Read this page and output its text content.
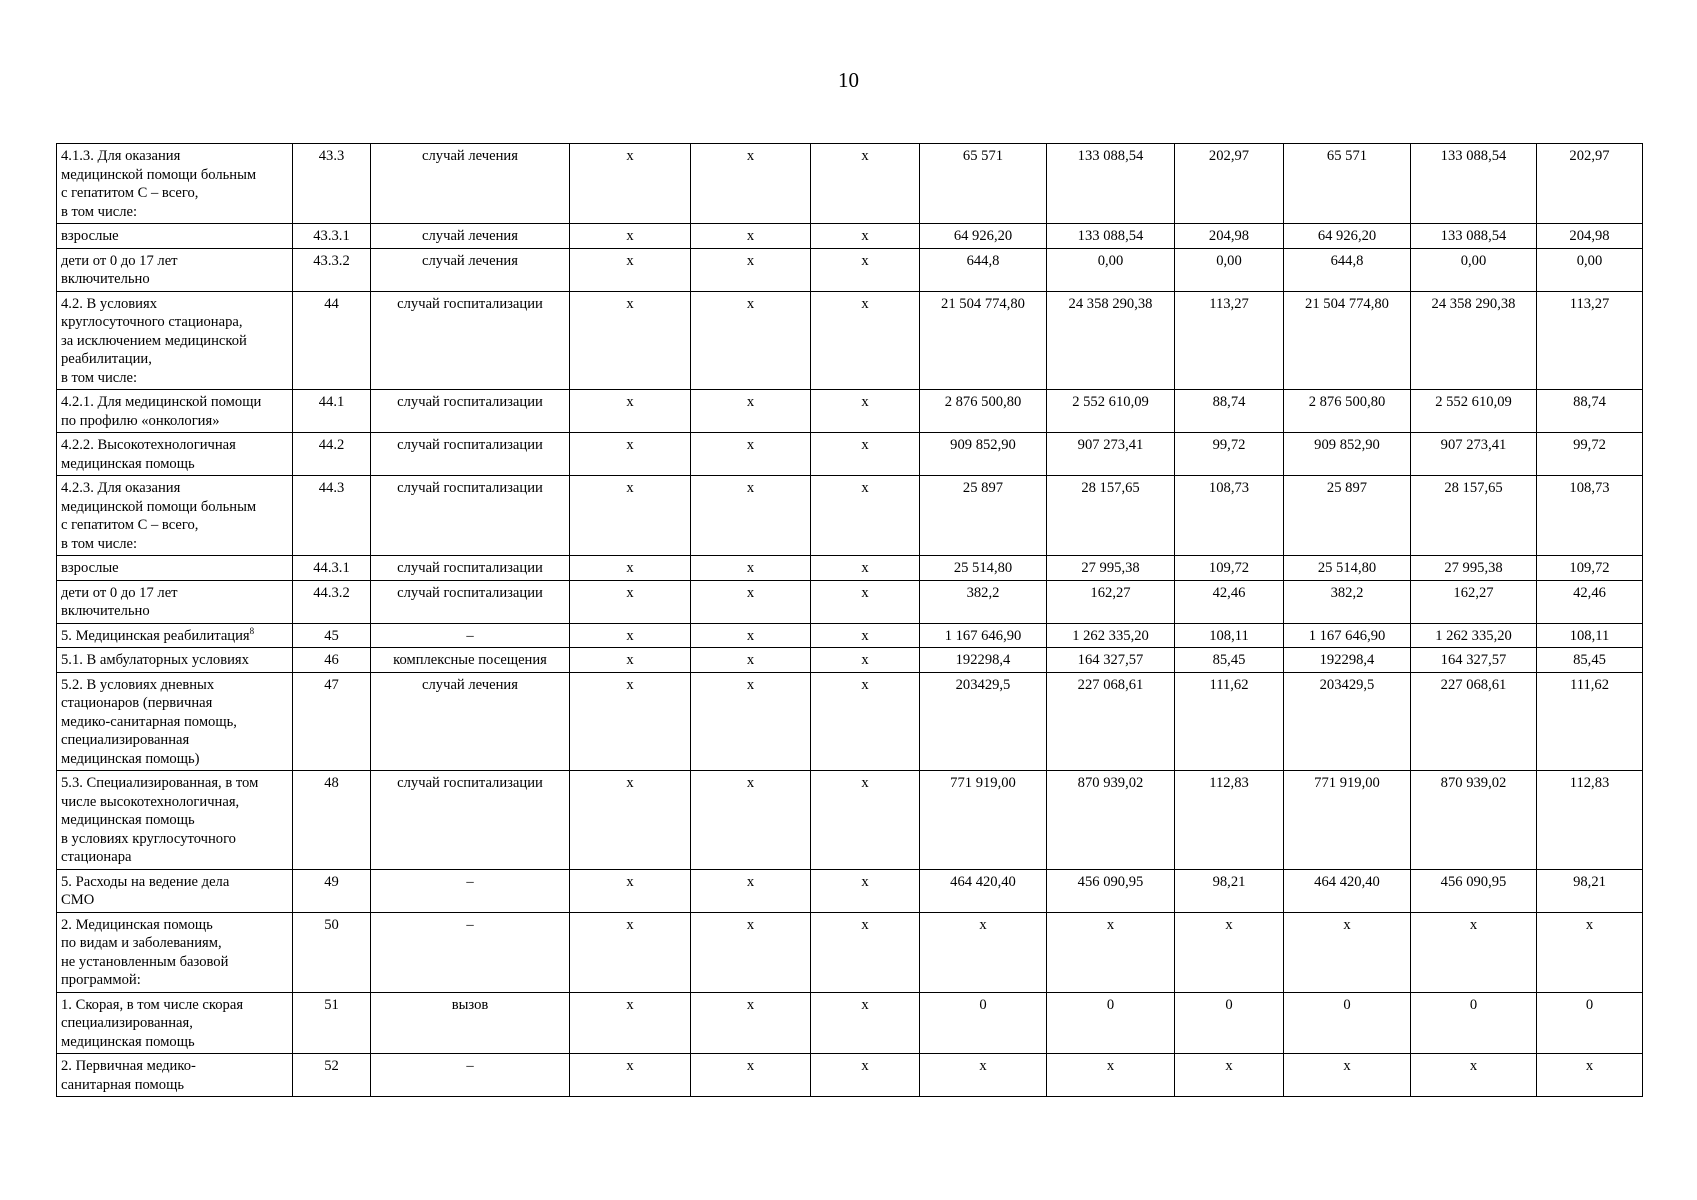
10
4.1.3. Для оказания
медицинской помощи больным
с гепатитом С – всего,
в том числе:	43.3	случай лечения	х	х	х	65 571	133 088,54	202,97	65 571	133 088,54	202,97
взрослые	43.3.1	случай лечения	х	х	х	64 926,20	133 088,54	204,98	64 926,20	133 088,54	204,98
дети от 0 до 17 лет
включительно	43.3.2	случай лечения	х	х	х	644,8	0,00	0,00	644,8	0,00	0,00
4.2. В условиях
круглосуточного стационара,
за исключением медицинской
реабилитации,
в том числе:	44	случай госпитализации	х	х	х	21 504 774,80	24 358 290,38	113,27	21 504 774,80	24 358 290,38	113,27
4.2.1. Для медицинской помощи
по профилю «онкология»	44.1	случай госпитализации	х	х	х	2 876 500,80	2 552 610,09	88,74	2 876 500,80	2 552 610,09	88,74
4.2.2. Высокотехнологичная
медицинская помощь	44.2	случай госпитализации	х	х	х	909 852,90	907 273,41	99,72	909 852,90	907 273,41	99,72
4.2.3. Для оказания
медицинской помощи больным
с гепатитом С – всего,
в том числе:	44.3	случай госпитализации	х	х	х	25 897	28 157,65	108,73	25 897	28 157,65	108,73
взрослые	44.3.1	случай госпитализации	х	х	х	25 514,80	27 995,38	109,72	25 514,80	27 995,38	109,72
дети от 0 до 17 лет
включительно	44.3.2	случай госпитализации	х	х	х	382,2	162,27	42,46	382,2	162,27	42,46
5. Медицинская реабилитация$^8$	45	–	х	х	х	1 167 646,90	1 262 335,20	108,11	1 167 646,90	1 262 335,20	108,11
5.1. В амбулаторных условиях	46	комплексные посещения	х	х	х	192298,4	164 327,57	85,45	192298,4	164 327,57	85,45
5.2. В условиях дневных
стационаров (первичная
медико-санитарная помощь,
специализированная
медицинская помощь)	47	случай лечения	х	х	х	203429,5	227 068,61	111,62	203429,5	227 068,61	111,62
5.3. Специализированная, в том
числе высокотехнологичная,
медицинская помощь
в условиях круглосуточного
стационара	48	случай госпитализации	х	х	х	771 919,00	870 939,02	112,83	771 919,00	870 939,02	112,83
5. Расходы на ведение дела
СМО	49	–	х	х	х	464 420,40	456 090,95	98,21	464 420,40	456 090,95	98,21
2. Медицинская помощь
по видам и заболеваниям,
не установленным базовой
программой:	50	–	х	х	х	х	х	х	х	х	х
1. Скорая, в том числе скорая
специализированная,
медицинская помощь	51	вызов	х	х	х	0	0	0	0	0	0
2. Первичная медико-
санитарная помощь	52	–	х	х	х	х	х	х	х	х	х
